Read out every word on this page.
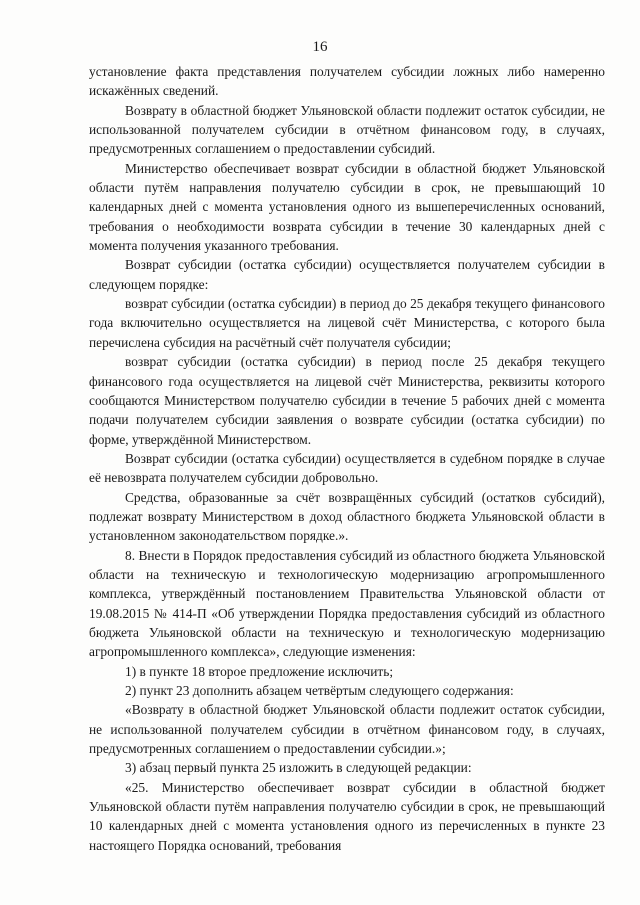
16

установление факта представления получателем субсидии ложных либо намеренно искажённых сведений.

Возврату в областной бюджет Ульяновской области подлежит остаток субсидии, не использованной получателем субсидии в отчётном финансовом году, в случаях, предусмотренных соглашением о предоставлении субсидий.

Министерство обеспечивает возврат субсидии в областной бюджет Ульяновской области путём направления получателю субсидии в срок, не превышающий 10 календарных дней с момента установления одного из вышеперечисленных оснований, требования о необходимости возврата субсидии в течение 30 календарных дней с момента получения указанного требования.

Возврат субсидии (остатка субсидии) осуществляется получателем субсидии в следующем порядке:

возврат субсидии (остатка субсидии) в период до 25 декабря текущего финансового года включительно осуществляется на лицевой счёт Министерства, с которого была перечислена субсидия на расчётный счёт получателя субсидии;

возврат субсидии (остатка субсидии) в период после 25 декабря текущего финансового года осуществляется на лицевой счёт Министерства, реквизиты которого сообщаются Министерством получателю субсидии в течение 5 рабочих дней с момента подачи получателем субсидии заявления о возврате субсидии (остатка субсидии) по форме, утверждённой Министерством.

Возврат субсидии (остатка субсидии) осуществляется в судебном порядке в случае её невозврата получателем субсидии добровольно.

Средства, образованные за счёт возвращённых субсидий (остатков субсидий), подлежат возврату Министерством в доход областного бюджета Ульяновской области в установленном законодательством порядке.».

8. Внести в Порядок предоставления субсидий из областного бюджета Ульяновской области на техническую и технологическую модернизацию агропромышленного комплекса, утверждённый постановлением Правительства Ульяновской области от 19.08.2015 № 414-П «Об утверждении Порядка предоставления субсидий из областного бюджета Ульяновской области на техническую и технологическую модернизацию агропромышленного комплекса», следующие изменения:

1) в пункте 18 второе предложение исключить;

2) пункт 23 дополнить абзацем четвёртым следующего содержания:

«Возврату в областной бюджет Ульяновской области подлежит остаток субсидии, не использованной получателем субсидии в отчётном финансовом году, в случаях, предусмотренных соглашением о предоставлении субсидии.»;

3) абзац первый пункта 25 изложить в следующей редакции:

«25. Министерство обеспечивает возврат субсидии в областной бюджет Ульяновской области путём направления получателю субсидии в срок, не превышающий 10 календарных дней с момента установления одного из перечисленных в пункте 23 настоящего Порядка оснований, требования
